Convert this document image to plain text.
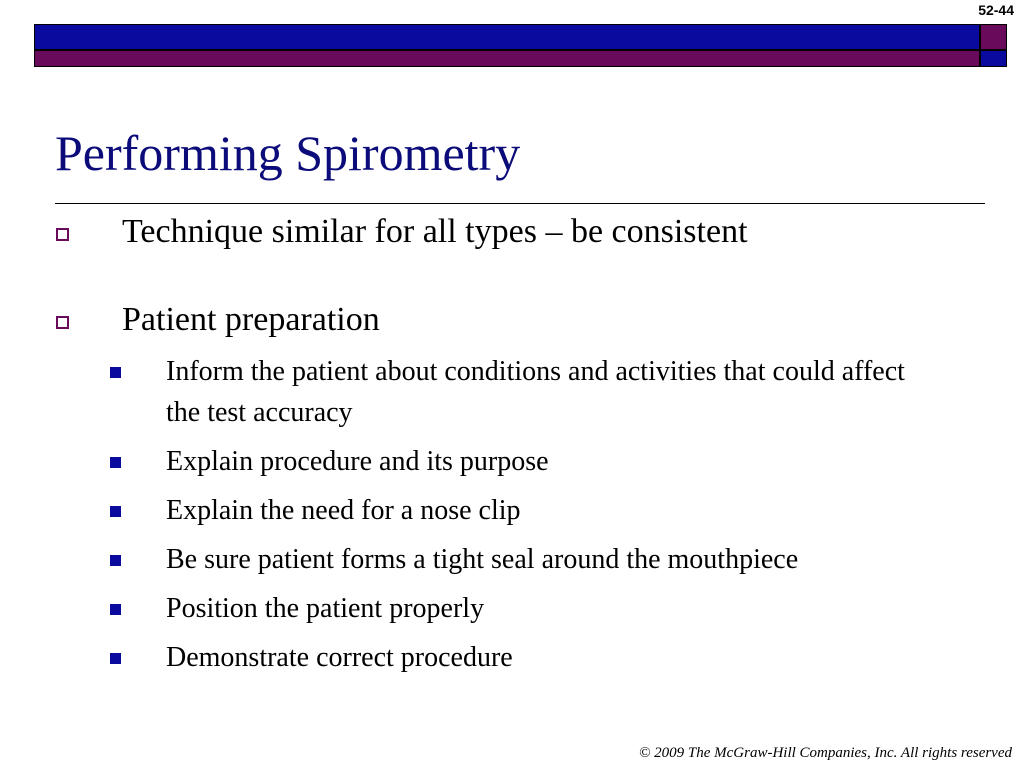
52-44
Performing Spirometry
Technique similar for all types – be consistent
Patient preparation
Inform the patient about conditions and activities that could affect the test accuracy
Explain procedure and its purpose
Explain the need for a nose clip
Be sure patient forms a tight seal around the mouthpiece
Position the patient properly
Demonstrate correct procedure
© 2009 The McGraw-Hill Companies, Inc. All rights reserved
